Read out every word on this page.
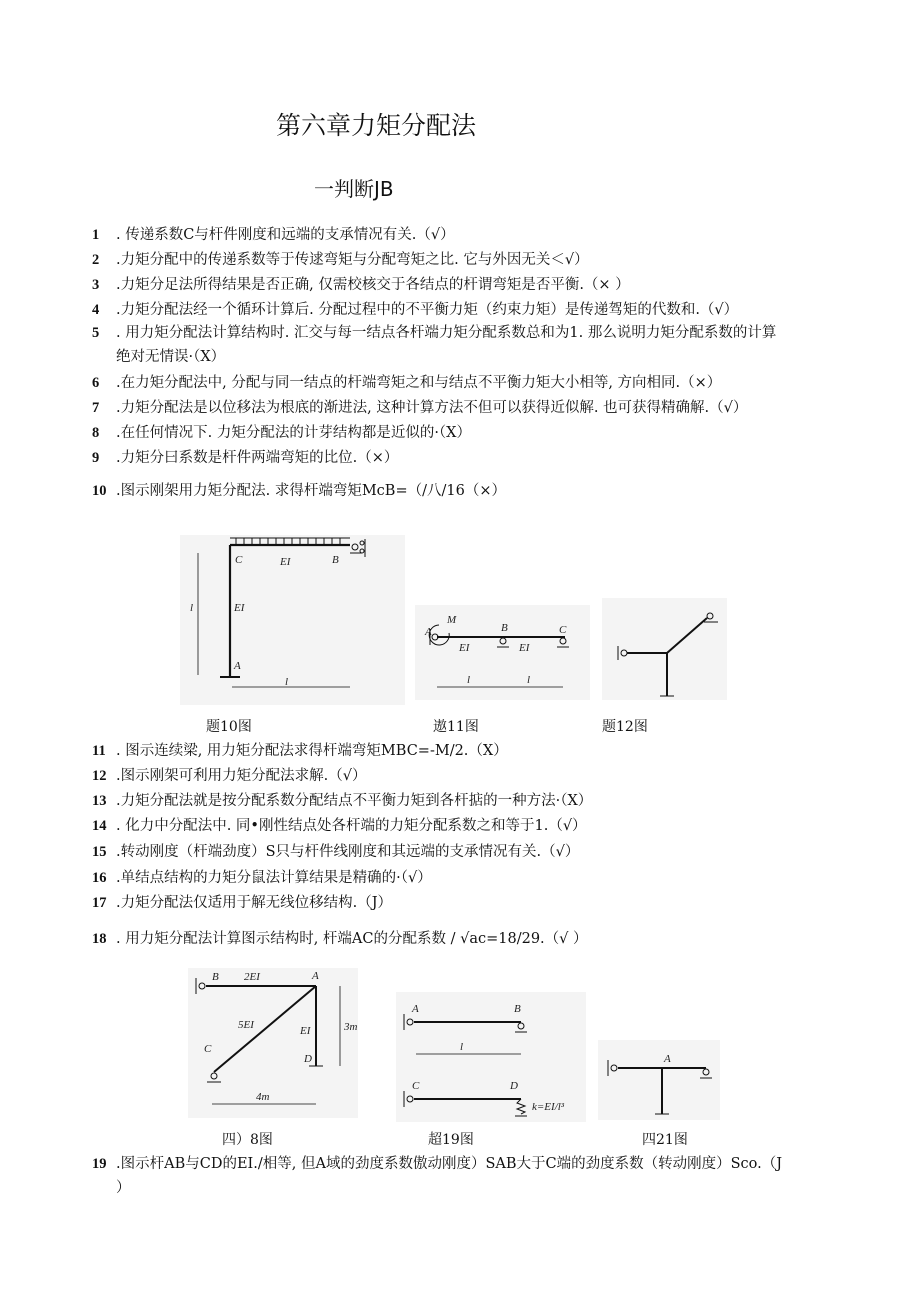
第六章力矩分配法
一判断JB
1 . 传递系数C与杆件刚度和远端的支承情况有关.（√）
2 .力矩分配中的传递系数等于传逑弯矩与分配弯矩之比. 它与外因无关＜√）
3 .力矩分足法所得结果是否正确, 仅需校核交于各结点的杆谓弯矩是否平衡.（× ）
4 .力矩分配法经一个循环计算后. 分配过程中的不平衡力矩（约束力矩）是传递驾矩的代数和.（√）
5 . 用力矩分配法计算结构时. 汇交与每一结点各杆端力矩分配系数总和为1. 那么说明力矩分配系数的计算
绝对无情误·（X）
6 .在力矩分配法中, 分配与同一结点的杆端弯矩之和与结点不平衡力矩大小相等, 方向相同.（×）
7 .力矩分配法是以位移法为根底的渐进法, 这种计算方法不但可以获得近似解. 也可获得精确解.（√）
8 .在任何情况下. 力矩分配法的计芽结构都是近似的·（X）
9 .力矩分曰系数是杆件两端弯矩的比位.（×）
10 .图示刚架用力矩分配法. 求得杆端弯矩McB=（/八/16（×）
C	EI	B
l	EI
A
l
M
A	B	C
EI	EI
l	l
题10图	遨11图	题12图
11 . 图示连续梁, 用力矩分配法求得杆端弯矩MBC=-M/2.（X）
12 .图示刚架可利用力矩分配法求解.（√）
13 .力矩分配法就是按分配系数分配结点不平衡力矩到各杆掂的一种方法·（X）
14 . 化力中分配法中. 同•刚性结点处各杆端的力矩分配系数之和等于1.（√）
15 .转动刚度（杆端劲度）S只与杆件线刚度和其远端的支承情况有关.（√）
16 .单结点结构的力矩分鼠法计算结果是精确的·（√）
17 .力矩分配法仅适用于解无线位移结构.（J）
18 . 用力矩分配法计算图示结构时, 杆端AC的分配系数 / √ac=18/29.（√ ）
B 2EI	A
5EI	EI	3m
C
D
4m
A	B
l
C	D
k=EI/l³
A
四）8图	超19图	四21图
19 .图示杆AB与CD的EI./相等, 但A域的劲度系数傲动刚度）SAB大于C端的劲度系数（转动刚度）Sco.（J
）
